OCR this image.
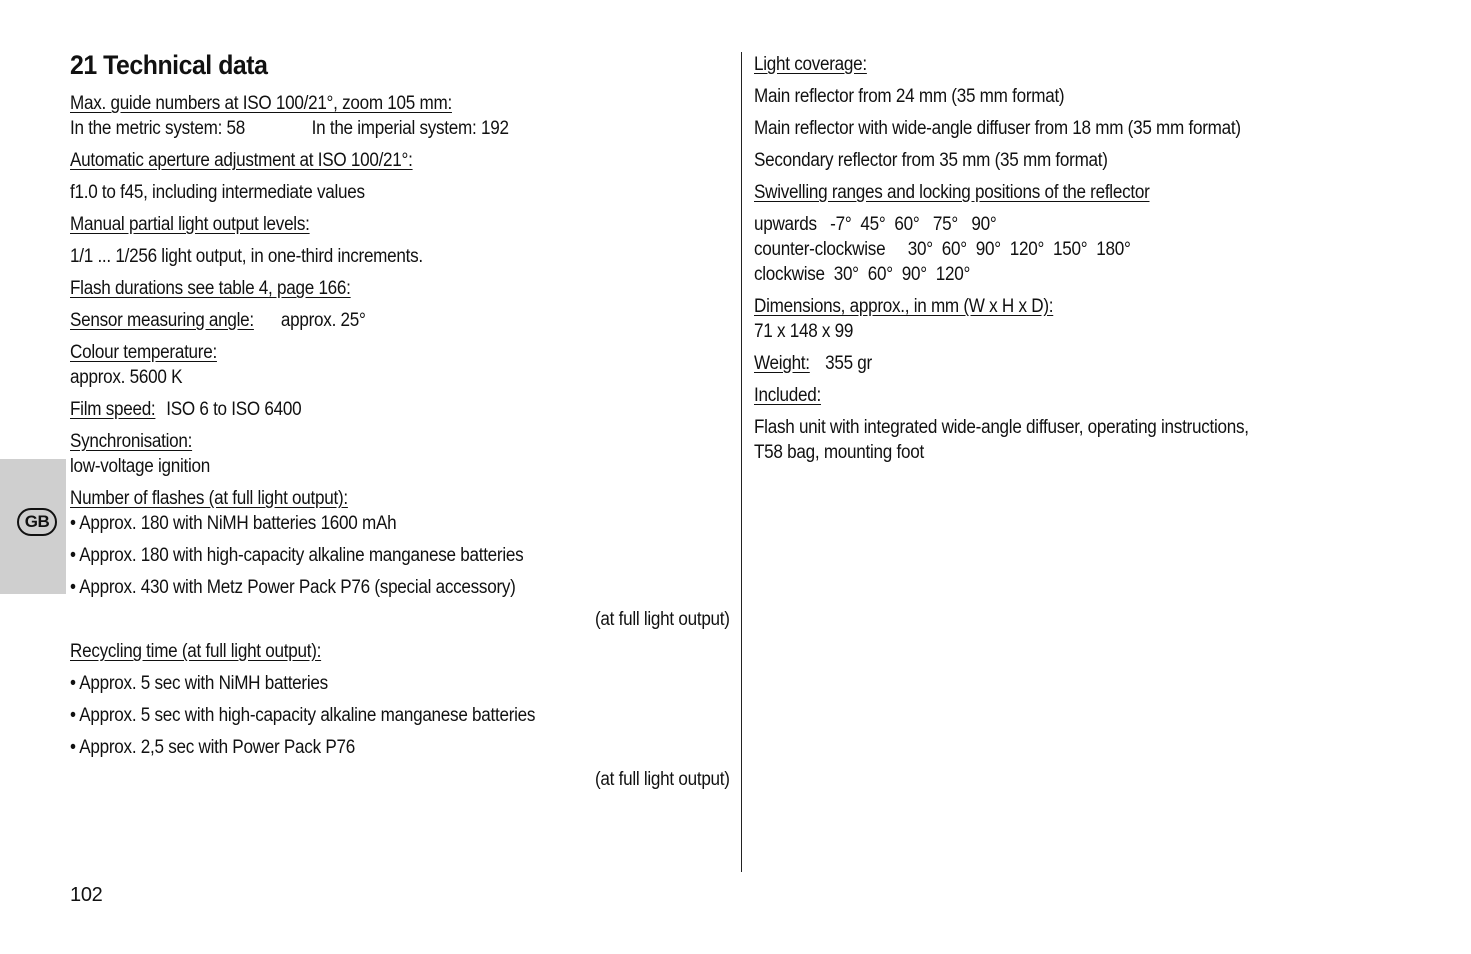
21 Technical data
Max. guide numbers at ISO 100/21°, zoom 105 mm:
In the metric system: 58	In the imperial system: 192
Automatic aperture adjustment at ISO 100/21°:
f1.0 to f45, including intermediate values
Manual partial light output levels:
1/1 ... 1/256 light output, in one-third increments.
Flash durations see table 4, page 166:
Sensor measuring angle: approx. 25°
Colour temperature:
approx. 5600 K
Film speed: ISO 6 to ISO 6400
Synchronisation:
low-voltage ignition
Number of flashes (at full light output):
• Approx. 180 with NiMH batteries 1600 mAh
• Approx. 180 with high-capacity alkaline manganese batteries
• Approx. 430 with Metz Power Pack P76 (special accessory)
(at full light output)
Recycling time (at full light output):
• Approx. 5 sec with NiMH batteries
• Approx. 5 sec with high-capacity alkaline manganese batteries
• Approx. 2,5 sec with Power Pack P76
(at full light output)
Light coverage:
Main reflector from 24 mm (35 mm format)
Main reflector with wide-angle diffuser from 18 mm (35 mm format)
Secondary reflector from 35 mm (35 mm format)
Swivelling ranges and locking positions of the reflector
upwards   -7°  45°  60°   75°   90°
counter-clockwise     30°  60°  90°  120°  150°  180°
clockwise  30°  60°  90°  120°
Dimensions, approx., in mm (W x H x D):
71 x 148 x 99
Weight: 355 gr
Included:
Flash unit with integrated wide-angle diffuser, operating instructions,
T58 bag, mounting foot
GB
102
